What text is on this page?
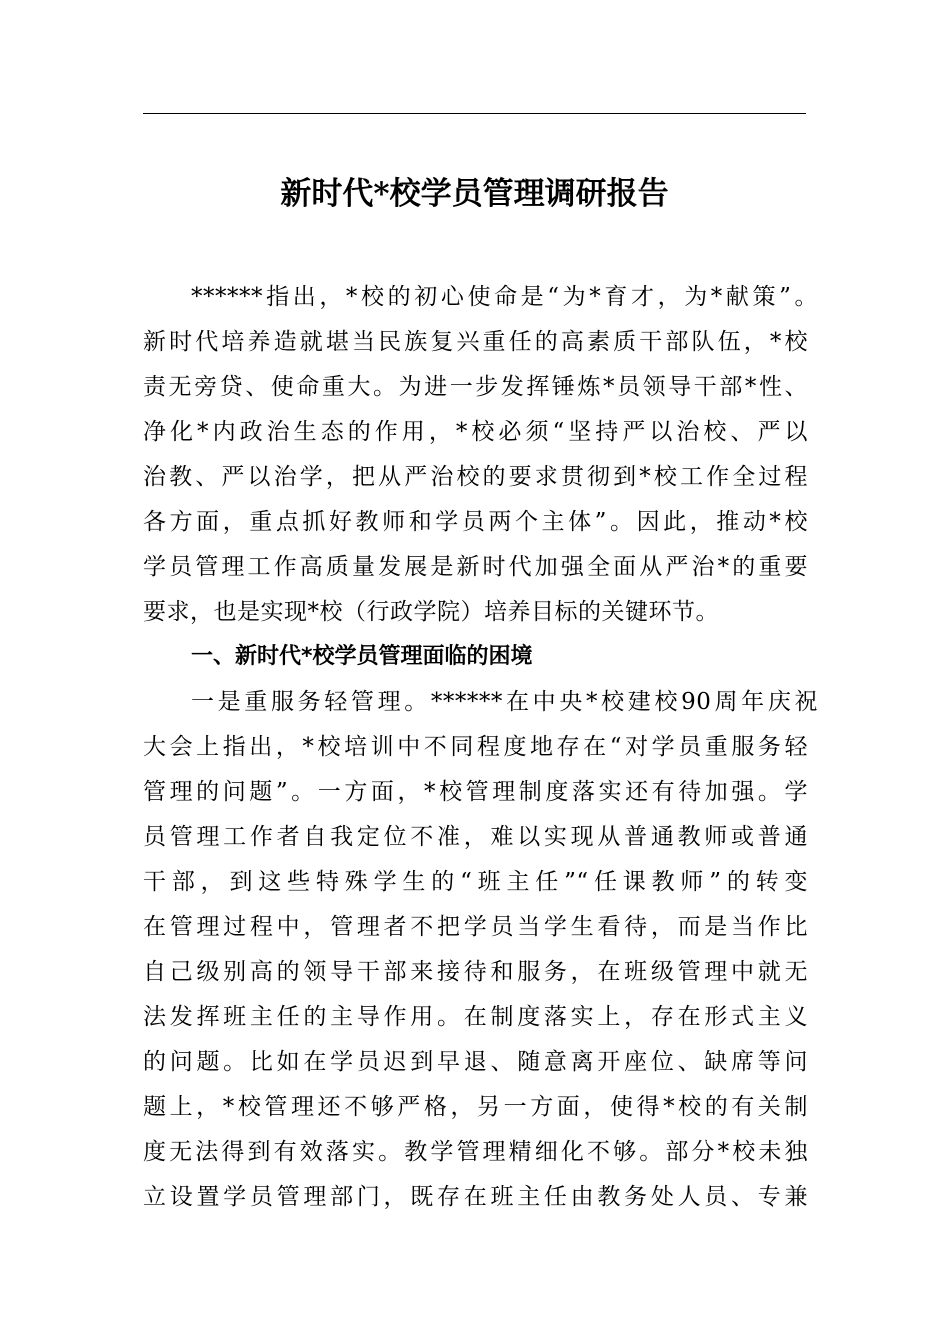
新时代*校学员管理调研报告
******指出，*校的初心使命是“为*育才，为*献策”。
新时代培养造就堪当民族复兴重任的高素质干部队伍，*校
责无旁贷、使命重大。为进一步发挥锤炼*员领导干部*性、
净化*内政治生态的作用，*校必须“坚持严以治校、严以
治教、严以治学，把从严治校的要求贯彻到*校工作全过程
各方面，重点抓好教师和学员两个主体”。因此，推动*校
学员管理工作高质量发展是新时代加强全面从严治*的重要
要求，也是实现*校（行政学院）培养目标的关键环节。
一、新时代*校学员管理面临的困境
一是重服务轻管理。******在中央*校建校90周年庆祝
大会上指出，*校培训中不同程度地存在“对学员重服务轻
管理的问题”。一方面，*校管理制度落实还有待加强。学
员管理工作者自我定位不准，难以实现从普通教师或普通
干部，到这些特殊学生的“班主任”“任课教师”的转变
在管理过程中，管理者不把学员当学生看待，而是当作比
自己级别高的领导干部来接待和服务，在班级管理中就无
法发挥班主任的主导作用。在制度落实上，存在形式主义
的问题。比如在学员迟到早退、随意离开座位、缺席等问
题上，*校管理还不够严格，另一方面，使得*校的有关制
度无法得到有效落实。教学管理精细化不够。部分*校未独
立设置学员管理部门，既存在班主任由教务处人员、专兼
